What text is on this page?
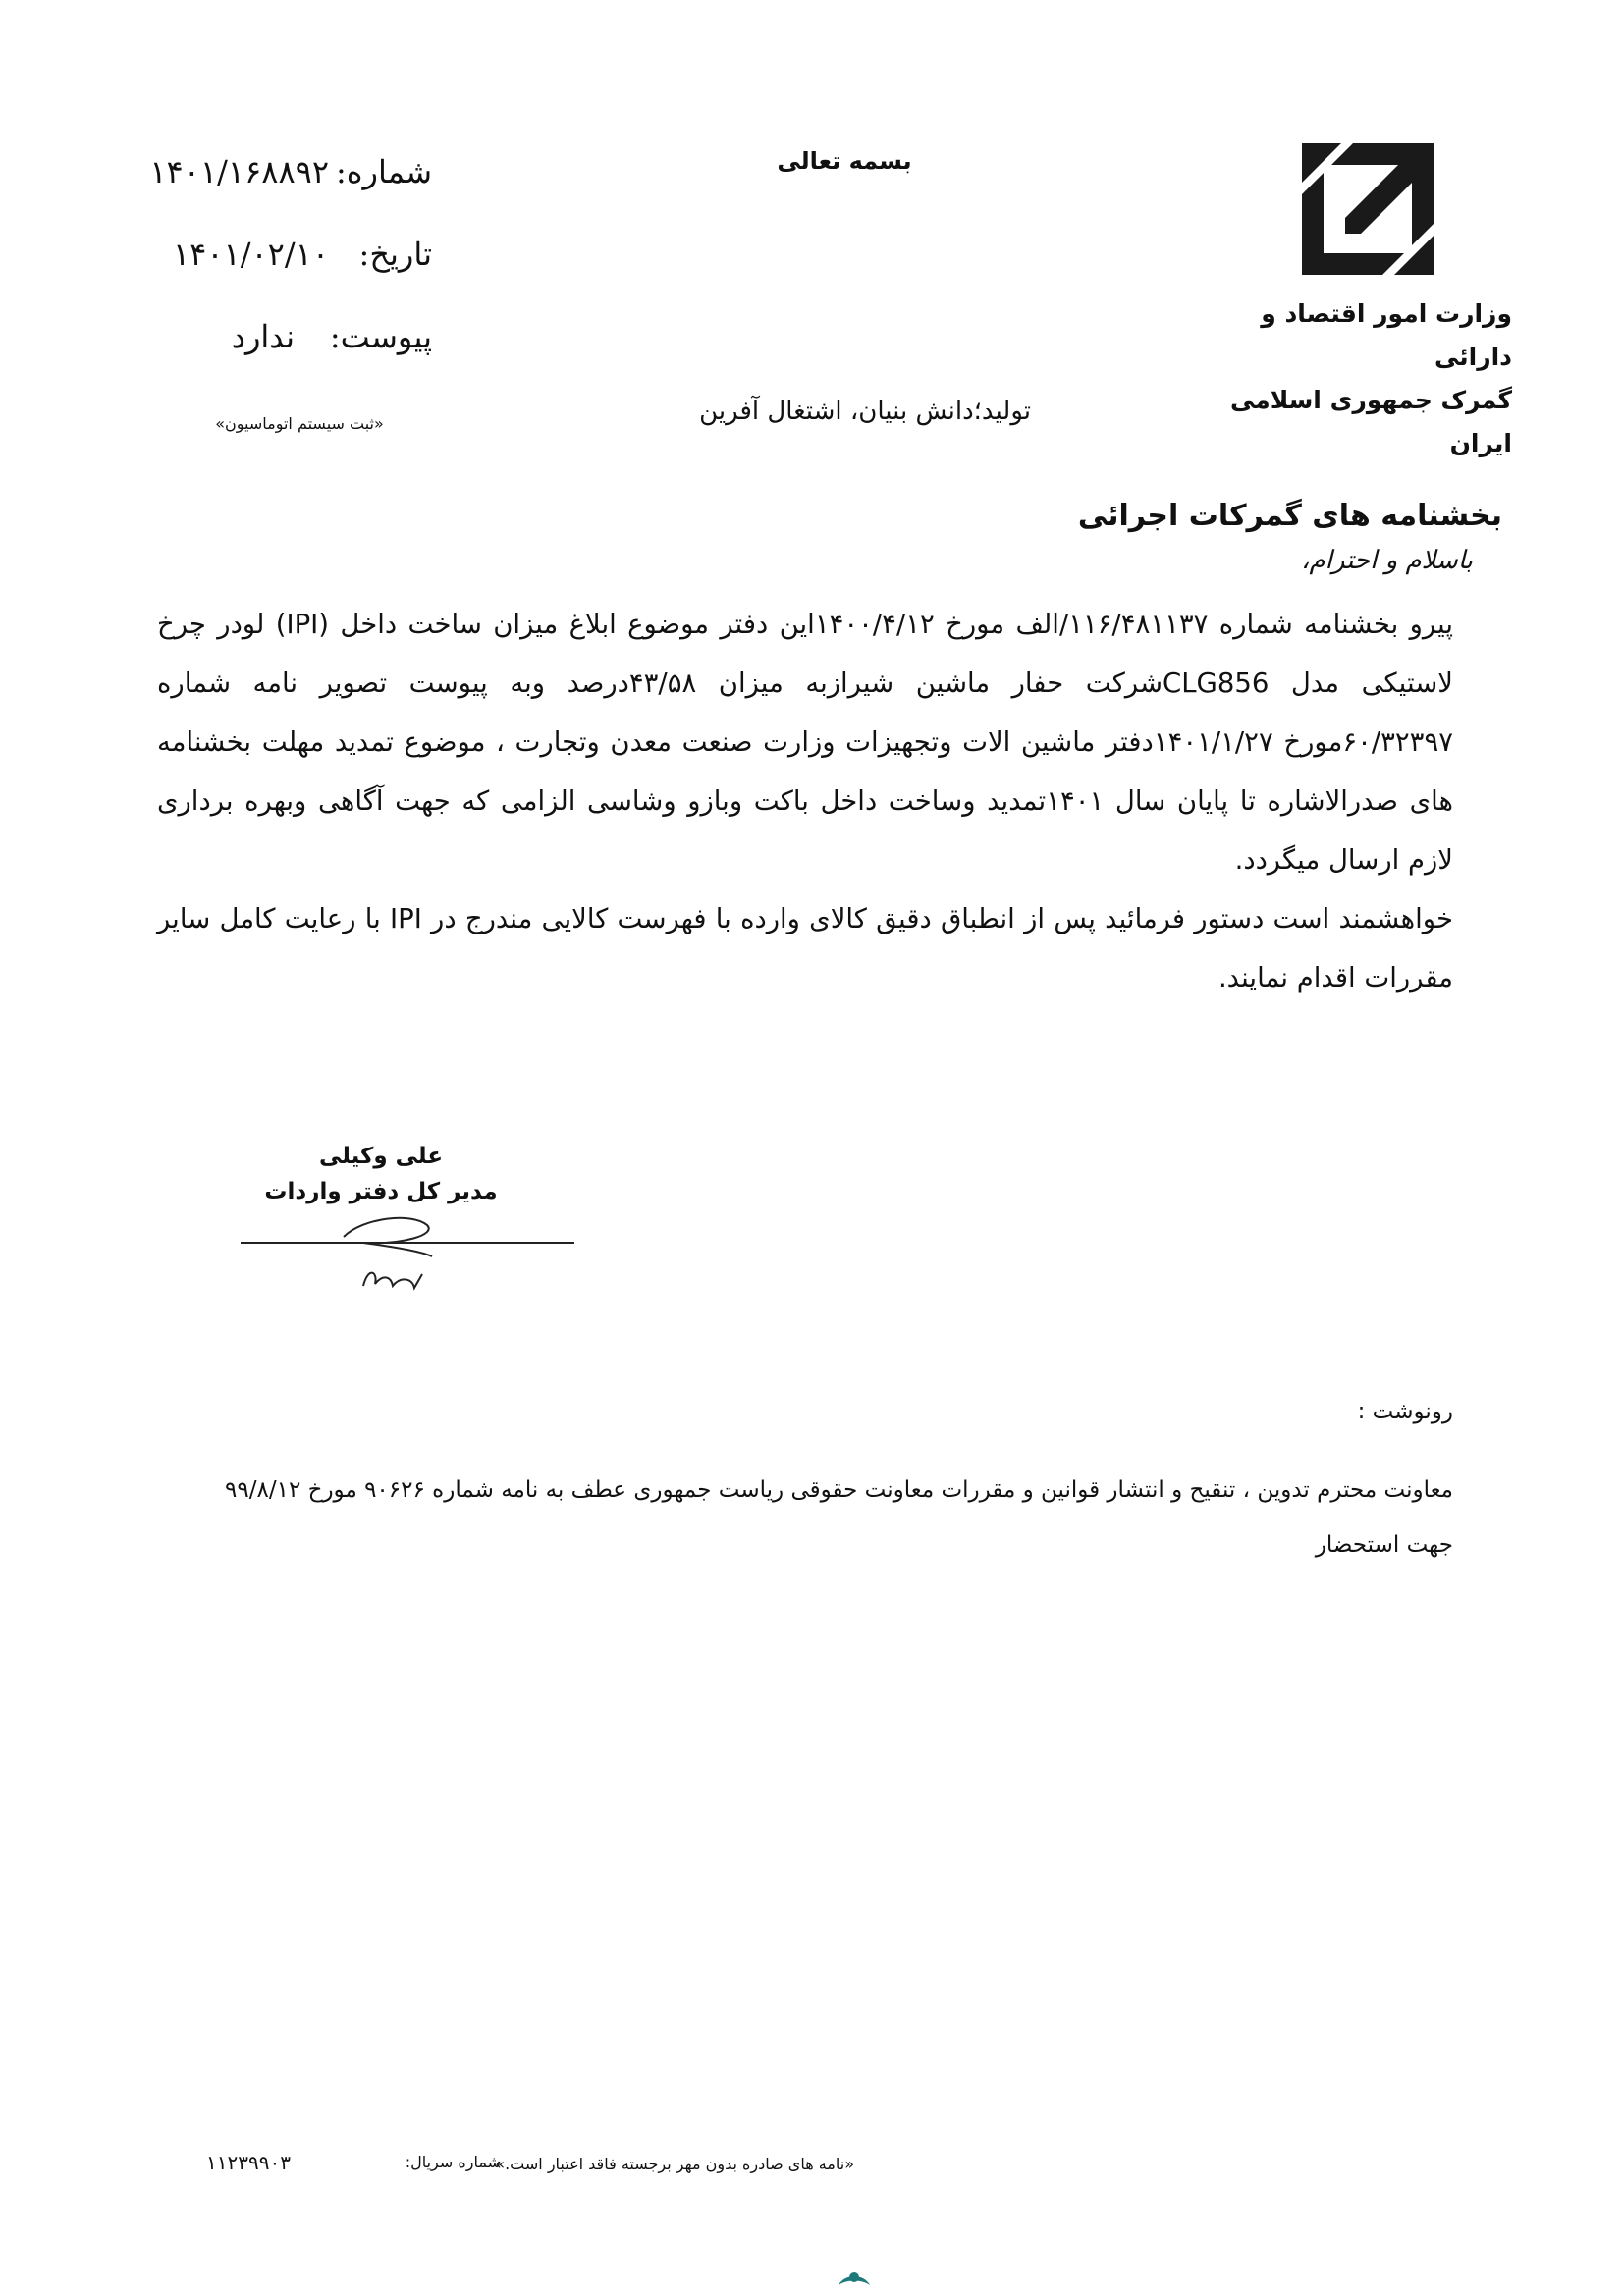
وزارت امور اقتصاد و دارائی
گمرک جمهوری اسلامی ایران
بسمه تعالی
شماره:
۱۴۰۱/۱۶۸۸۹۲
تاریخ:
۱۴۰۱/۰۲/۱۰
پیوست:
ندارد
«ثبت سیستم اتوماسیون»	تولید؛دانش بنیان، اشتغال آفرین
بخشنامه های گمرکات اجرائی
باسلام و احترام،
پیرو بخشنامه شماره ۱۱۶/۴۸۱۱۳۷/الف مورخ ۱۴۰۰/۴/۱۲این دفتر موضوع ابلاغ میزان ساخت داخل (IPI) لودر چرخ لاستیکی مدل CLG856شرکت حفار ماشین شیرازبه میزان ۴۳/۵۸درصد وبه پیوست تصویر نامه شماره ۶۰/۳۲۳۹۷مورخ ۱۴۰۱/۱/۲۷دفتر ماشین الات وتجهیزات وزارت صنعت معدن وتجارت ، موضوع تمدید مهلت بخشنامه های صدرالاشاره تا پایان سال ۱۴۰۱تمدید وساخت داخل باکت وبازو وشاسی الزامی که جهت آگاهی وبهره برداری لازم ارسال میگردد.
خواهشمند است دستور فرمائید پس از انطباق دقیق کالای وارده با فهرست کالایی مندرج در IPI با رعایت کامل سایر مقررات اقدام نمایند.
علی وکیلی
مدیر کل دفتر واردات
رونوشت :
معاونت محترم تدوین ، تنقیح و انتشار قوانین و مقررات معاونت حقوقی ریاست جمهوری عطف به نامه شماره ۹۰۶۲۶ مورخ ۹۹/۸/۱۲
جهت استحضار
«نامه های صادره بدون مهر برجسته فاقد اعتبار است.»
شماره سریال:
۱۱۲۳۹۹۰۳
